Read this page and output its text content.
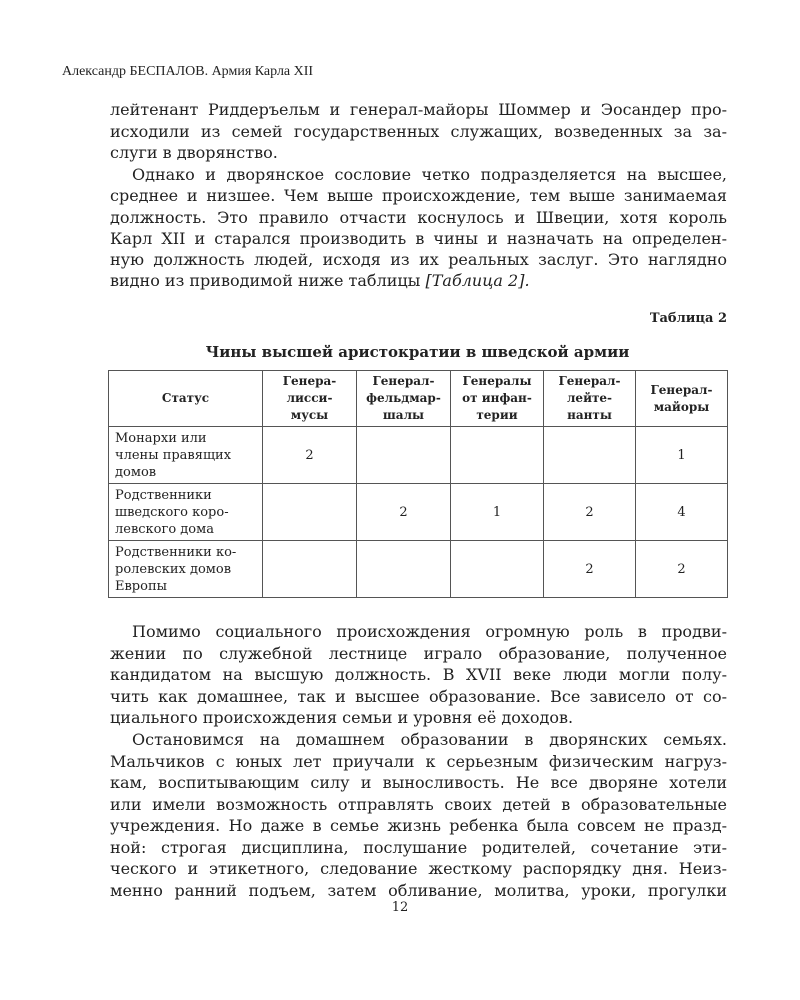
Александр БЕСПАЛОВ. Армия Карла XII
лейтенант Риддеръельм и генерал-майоры Шоммер и Эосандер про-
исходили из семей государственных служащих, возведенных за за-
слуги в дворянство.
Однако и дворянское сословие четко подразделяется на высшее,
среднее и низшее. Чем выше происхождение, тем выше занимаемая
должность. Это правило отчасти коснулось и Швеции, хотя король
Карл XII и старался производить в чины и назначать на определен-
ную должность людей, исходя из их реальных заслуг. Это наглядно
видно из приводимой ниже таблицы [Таблица 2].
Таблица 2
Чины высшей аристократии в шведской армии
Статус	Генера-
лисси-
мусы	Генерал-
фельдмар-
шалы	Генералы
от инфан-
терии	Генерал-
лейте-
нанты	Генерал-
майоры
Монархи или
члены правящих
домов	2				1
Родственники
шведского коро-
левского дома		2	1	2	4
Родственники ко-
ролевских домов
Европы				2	2
Помимо социального происхождения огромную роль в продви-
жении по служебной лестнице играло образование, полученное
кандидатом на высшую должность. В XVII веке люди могли полу-
чить как домашнее, так и высшее образование. Все зависело от со-
циального происхождения семьи и уровня её доходов.
Остановимся на домашнем образовании в дворянских семьях.
Мальчиков с юных лет приучали к серьезным физическим нагруз-
кам, воспитывающим силу и выносливость. Не все дворяне хотели
или имели возможность отправлять своих детей в образовательные
учреждения. Но даже в семье жизнь ребенка была совсем не празд-
ной: строгая дисциплина, послушание родителей, сочетание эти-
ческого и этикетного, следование жесткому распорядку дня. Неиз-
менно ранний подъем, затем обливание, молитва, уроки, прогулки
12
